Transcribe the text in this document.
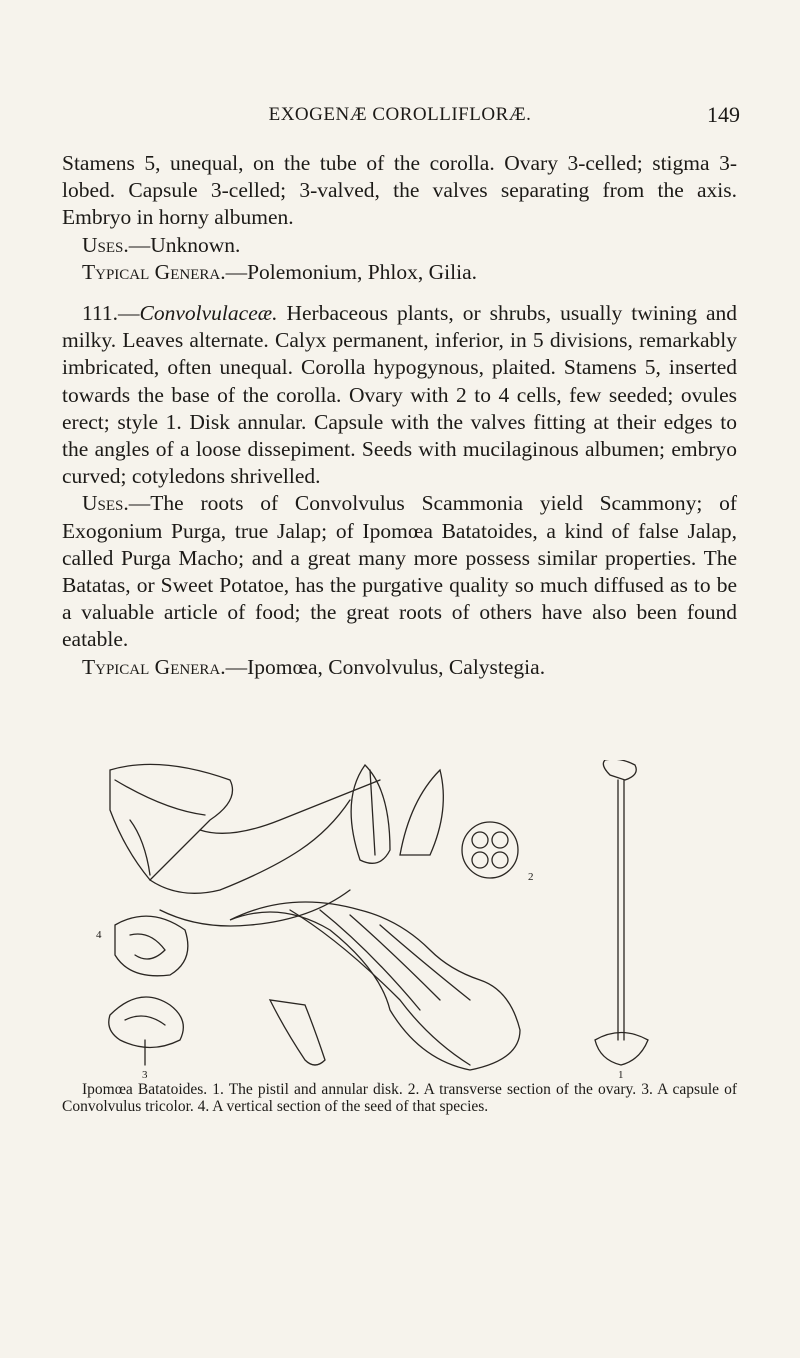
EXOGENÆ COROLLIFLORÆ.	149

Stamens 5, unequal, on the tube of the corolla. Ovary 3-celled; stigma 3-lobed. Capsule 3-celled; 3-valved, the valves separating from the axis. Embryo in horny albumen.

Uses.—Unknown.

Typical Genera.—Polemonium, Phlox, Gilia.

111.—Convolvulaceæ. Herbaceous plants, or shrubs, usually twining and milky. Leaves alternate. Calyx permanent, inferior, in 5 divisions, remarkably imbricated, often unequal. Corolla hypogynous, plaited. Stamens 5, inserted towards the base of the corolla. Ovary with 2 to 4 cells, few seeded; ovules erect; style 1. Disk annular. Capsule with the valves fitting at their edges to the angles of a loose dissepiment. Seeds with mucilaginous albumen; embryo curved; cotyledons shrivelled.

Uses.—The roots of Convolvulus Scammonia yield Scammony; of Exogonium Purga, true Jalap; of Ipomœa Batatoides, a kind of false Jalap, called Purga Macho; and a great many more possess similar properties. The Batatas, or Sweet Potatoe, has the purgative quality so much diffused as to be a valuable article of food; the great roots of others have also been found eatable.

Typical Genera.—Ipomœa, Convolvulus, Calystegia.

1
2
3
4
Ipomœa Batatoides. 1. The pistil and annular disk. 2. A transverse section of the ovary. 3. A capsule of Convolvulus tricolor. 4. A vertical section of the seed of that species.
